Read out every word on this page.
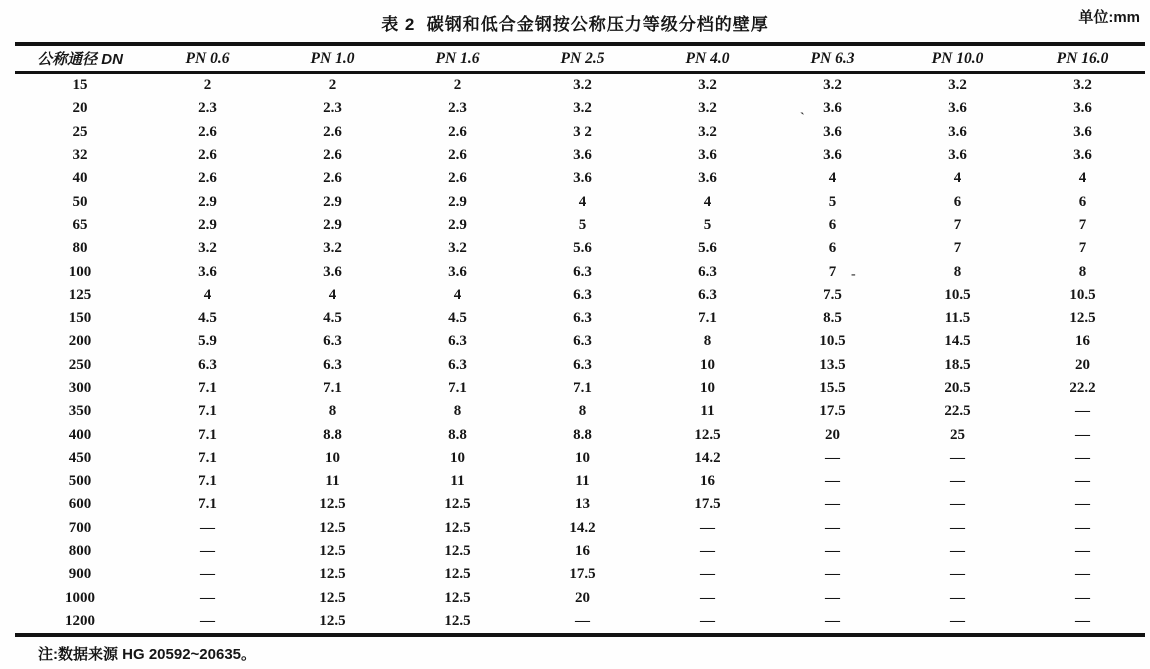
表 2  碳钢和低合金钢按公称压力等级分档的壁厚	单位:mm
公称通径 DN	PN 0.6	PN 1.0	PN 1.6	PN 2.5	PN 4.0	PN 6.3	PN 10.0	PN 16.0
15	2	2	2	3.2	3.2	3.2	3.2	3.2
20	2.3	2.3	2.3	3.2	3.2	3.6	3.6	3.6
25	2.6	2.6	2.6	3 2	3.2	3.6	3.6	3.6
32	2.6	2.6	2.6	3.6	3.6	3.6	3.6	3.6
40	2.6	2.6	2.6	3.6	3.6	4	4	4
50	2.9	2.9	2.9	4	4	5	6	6
65	2.9	2.9	2.9	5	5	6	7	7
80	3.2	3.2	3.2	5.6	5.6	6	7	7
100	3.6	3.6	3.6	6.3	6.3	7	8	8
125	4	4	4	6.3	6.3	7.5	10.5	10.5
150	4.5	4.5	4.5	6.3	7.1	8.5	11.5	12.5
200	5.9	6.3	6.3	6.3	8	10.5	14.5	16
250	6.3	6.3	6.3	6.3	10	13.5	18.5	20
300	7.1	7.1	7.1	7.1	10	15.5	20.5	22.2
350	7.1	8	8	8	11	17.5	22.5	—
400	7.1	8.8	8.8	8.8	12.5	20	25	—
450	7.1	10	10	10	14.2	—	—	—
500	7.1	11	11	11	16	—	—	—
600	7.1	12.5	12.5	13	17.5	—	—	—
700	—	12.5	12.5	14.2	—	—	—	—
800	—	12.5	12.5	16	—	—	—	—
900	—	12.5	12.5	17.5	—	—	—	—
1000	—	12.5	12.5	20	—	—	—	—
1200	—	12.5	12.5	—	—	—	—	—
注:数据来源 HG 20592~20635。
`
-
